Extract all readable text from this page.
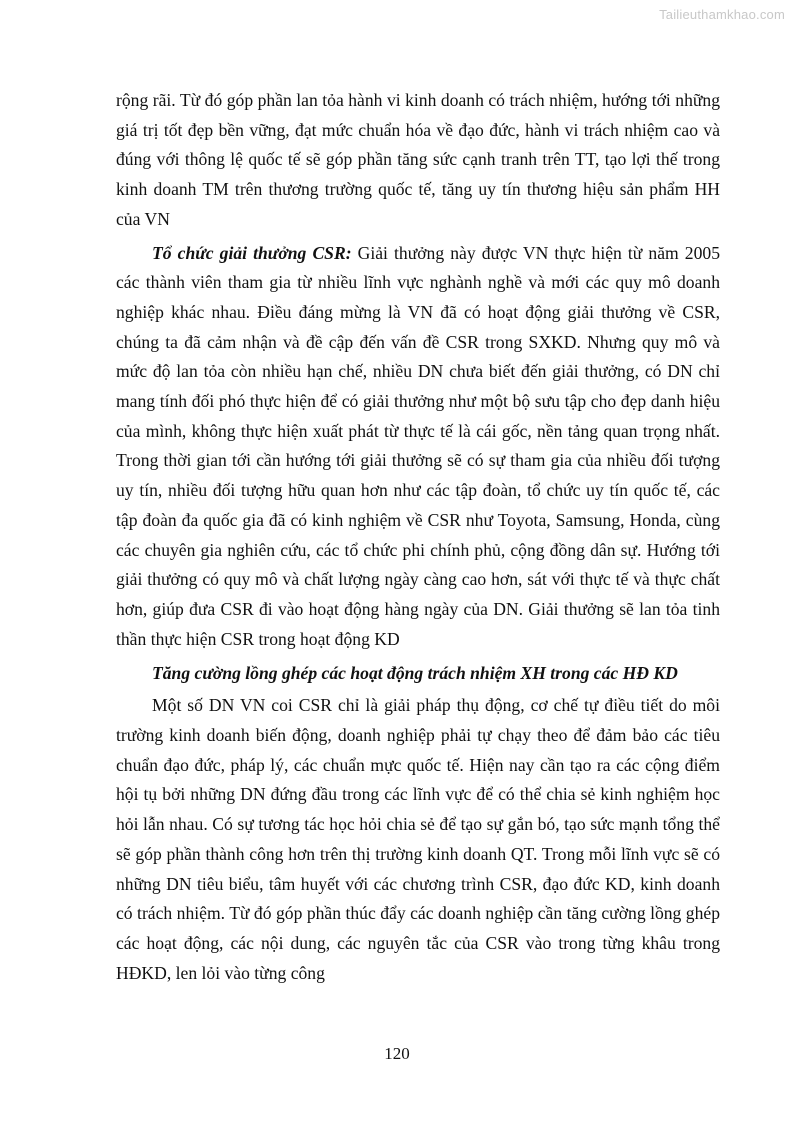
Tailieuthamkhao.com

rộng rãi. Từ đó góp phần lan tỏa hành vi kinh doanh có trách nhiệm, hướng tới những giá trị tốt đẹp bền vững, đạt mức chuẩn hóa về đạo đức, hành vi trách nhiệm cao và đúng với thông lệ quốc tế sẽ góp phần tăng sức cạnh tranh trên TT, tạo lợi thế trong kinh doanh TM trên thương trường quốc tế, tăng uy tín thương hiệu sản phẩm HH của VN

Tổ chức giải thưởng CSR: Giải thưởng này được VN thực hiện từ năm 2005 các thành viên tham gia từ nhiều lĩnh vực nghành nghề và mới các quy mô doanh nghiệp khác nhau. Điều đáng mừng là VN đã có hoạt động giải thưởng về CSR, chúng ta đã cảm nhận và đề cập đến vấn đề CSR trong SXKD. Nhưng quy mô và mức độ lan tỏa còn nhiều hạn chế, nhiều DN chưa biết đến giải thưởng, có DN chỉ mang tính đối phó thực hiện để có giải thưởng như một bộ sưu tập cho đẹp danh hiệu của mình, không thực hiện xuất phát từ thực tế là cái gốc, nền tảng quan trọng nhất. Trong thời gian tới cần hướng tới giải thưởng sẽ có sự tham gia của nhiều đối tượng uy tín, nhiều đối tượng hữu quan hơn như các tập đoàn, tổ chức uy tín quốc tế, các tập đoàn đa quốc gia đã có kinh nghiệm về CSR như Toyota, Samsung, Honda, cùng các chuyên gia nghiên cứu, các tổ chức phi chính phủ, cộng đồng dân sự. Hướng tới giải thưởng có quy mô và chất lượng ngày càng cao hơn, sát với thực tế và thực chất hơn, giúp đưa CSR đi vào hoạt động hàng ngày của DN. Giải thưởng sẽ lan tỏa tinh thần thực hiện CSR trong hoạt động KD

Tăng cường lồng ghép các hoạt động trách nhiệm XH trong các HĐ KD

Một số DN VN coi CSR chỉ là giải pháp thụ động, cơ chế tự điều tiết do môi trường kinh doanh biến động, doanh nghiệp phải tự chạy theo để đảm bảo các tiêu chuẩn đạo đức, pháp lý, các chuẩn mực quốc tế. Hiện nay cần tạo ra các cộng điểm hội tụ bởi những DN đứng đầu trong các lĩnh vực để có thể chia sẻ kinh nghiệm học hỏi lẫn nhau. Có sự tương tác học hỏi chia sẻ để tạo sự gắn bó, tạo sức mạnh tổng thể sẽ góp phần thành công hơn trên thị trường kinh doanh QT. Trong mỗi lĩnh vực sẽ có những DN tiêu biểu, tâm huyết với các chương trình CSR, đạo đức KD, kinh doanh có trách nhiệm. Từ đó góp phần thúc đẩy các doanh nghiệp cần tăng cường lồng ghép các hoạt động, các nội dung, các nguyên tắc của CSR vào trong từng khâu trong HĐKD, len lỏi vào từng công

120
